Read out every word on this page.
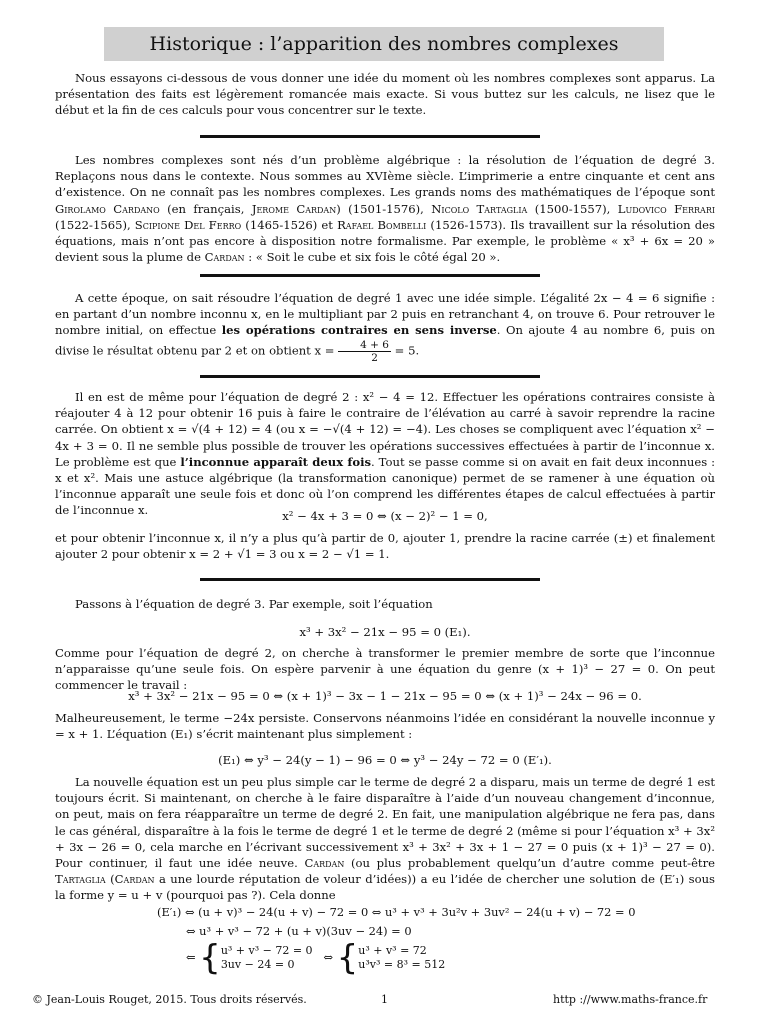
Historique : l’apparition des nombres complexes

Nous essayons ci-dessous de vous donner une idée du moment où les nombres complexes sont apparus. La présentation des faits est légèrement romancée mais exacte. Si vous buttez sur les calculs, ne lisez que le début et la fin de ces calculs pour vous concentrer sur le texte.

Les nombres complexes sont nés d’un problème algébrique : la résolution de l’équation de degré 3. Replaçons nous dans le contexte. Nous sommes au XVIème siècle. L’imprimerie a entre cinquante et cent ans d’existence. On ne connaît pas les nombres complexes. Les grands noms des mathématiques de l’époque sont Girolamo Cardano (en français, Jerome Cardan) (1501-1576), Nicolo Tartaglia (1500-1557), Ludovico Ferrari (1522-1565), Scipione Del Ferro (1465-1526) et Rafael Bombelli (1526-1573). Ils travaillent sur la résolution des équations, mais n’ont pas encore à disposition notre formalisme. Par exemple, le problème « x³ + 6x = 20 » devient sous la plume de Cardan : « Soit le cube et six fois le côté égal 20 ».

A cette époque, on sait résoudre l’équation de degré 1 avec une idée simple. L’égalité 2x − 4 = 6 signifie : en partant d’un nombre inconnu x, en le multipliant par 2 puis en retranchant 4, on trouve 6. Pour retrouver le nombre initial, on effectue les opérations contraires en sens inverse. On ajoute 4 au nombre 6, puis on divise le résultat obtenu par 2 et on obtient $x = \frac{4 + 6}{2} = 5$.

Il en est de même pour l’équation de degré 2 : x² − 4 = 12. Effectuer les opérations contraires consiste à réajouter 4 à 12 pour obtenir 16 puis à faire le contraire de l’élévation au carré à savoir reprendre la racine carrée. On obtient x = √(4 + 12) = 4 (ou x = −√(4 + 12) = −4). Les choses se compliquent avec l’équation x² − 4x + 3 = 0. Il ne semble plus possible de trouver les opérations successives effectuées à partir de l’inconnue x. Le problème est que l’inconnue apparaît deux fois. Tout se passe comme si on avait en fait deux inconnues : x et x². Mais une astuce algébrique (la transformation canonique) permet de se ramener à une équation où l’inconnue apparaît une seule fois et donc où l’on comprend les différentes étapes de calcul effectuées à partir de l’inconnue x.	x² − 4x + 3 = 0 ⇔ (x − 2)² − 1 = 0,

et pour obtenir l’inconnue x, il n’y a plus qu’à partir de 0, ajouter 1, prendre la racine carrée (±) et finalement ajouter 2 pour obtenir x = 2 + √1 = 3 ou x = 2 − √1 = 1.

Passons à l’équation de degré 3. Par exemple, soit l’équation

x³ + 3x² − 21x − 95 = 0 (E₁).

Comme pour l’équation de degré 2, on cherche à transformer le premier membre de sorte que l’inconnue n’apparaisse qu’une seule fois. On espère parvenir à une équation du genre (x + 1)³ − 27 = 0. On peut commencer le travail :

x³ + 3x² − 21x − 95 = 0 ⇔ (x + 1)³ − 3x − 1 − 21x − 95 = 0 ⇔ (x + 1)³ − 24x − 96 = 0.

Malheureusement, le terme −24x persiste. Conservons néanmoins l’idée en considérant la nouvelle inconnue y = x + 1. L’équation (E₁) s’écrit maintenant plus simplement :

(E₁) ⇔ y³ − 24(y − 1) − 96 = 0 ⇔ y³ − 24y − 72 = 0 (E′₁).

La nouvelle équation est un peu plus simple car le terme de degré 2 a disparu, mais un terme de degré 1 est toujours écrit. Si maintenant, on cherche à le faire disparaître à l’aide d’un nouveau changement d’inconnue, on peut, mais on fera réapparaître un terme de degré 2. En fait, une manipulation algébrique ne fera pas, dans le cas général, disparaître à la fois le terme de degré 1 et le terme de degré 2 (même si pour l’équation x³ + 3x² + 3x − 26 = 0, cela marche en l’écrivant successivement x³ + 3x² + 3x + 1 − 27 = 0 puis (x + 1)³ − 27 = 0). Pour continuer, il faut une idée neuve. Cardan (ou plus probablement quelqu’un d’autre comme peut-être Tartaglia (Cardan a une lourde réputation de voleur d’idées)) a eu l’idée de chercher une solution de (E′₁) sous la forme y = u + v (pourquoi pas ?). Cela donne

(E′₁) ⇔ (u + v)³ − 24(u + v) − 72 = 0 ⇔ u³ + v³ + 3u²v + 3uv² − 24(u + v) − 72 = 0
⇔ u³ + v³ − 72 + (u + v)(3uv − 24) = 0
⇐ { u³ + v³ − 72 = 0
3uv − 24 = 0
⇔ { u³ + v³ = 72
u³v³ = 8³ = 512
© Jean-Louis Rouget, 2015. Tous droits réservés.	1	http ://www.maths-france.fr
